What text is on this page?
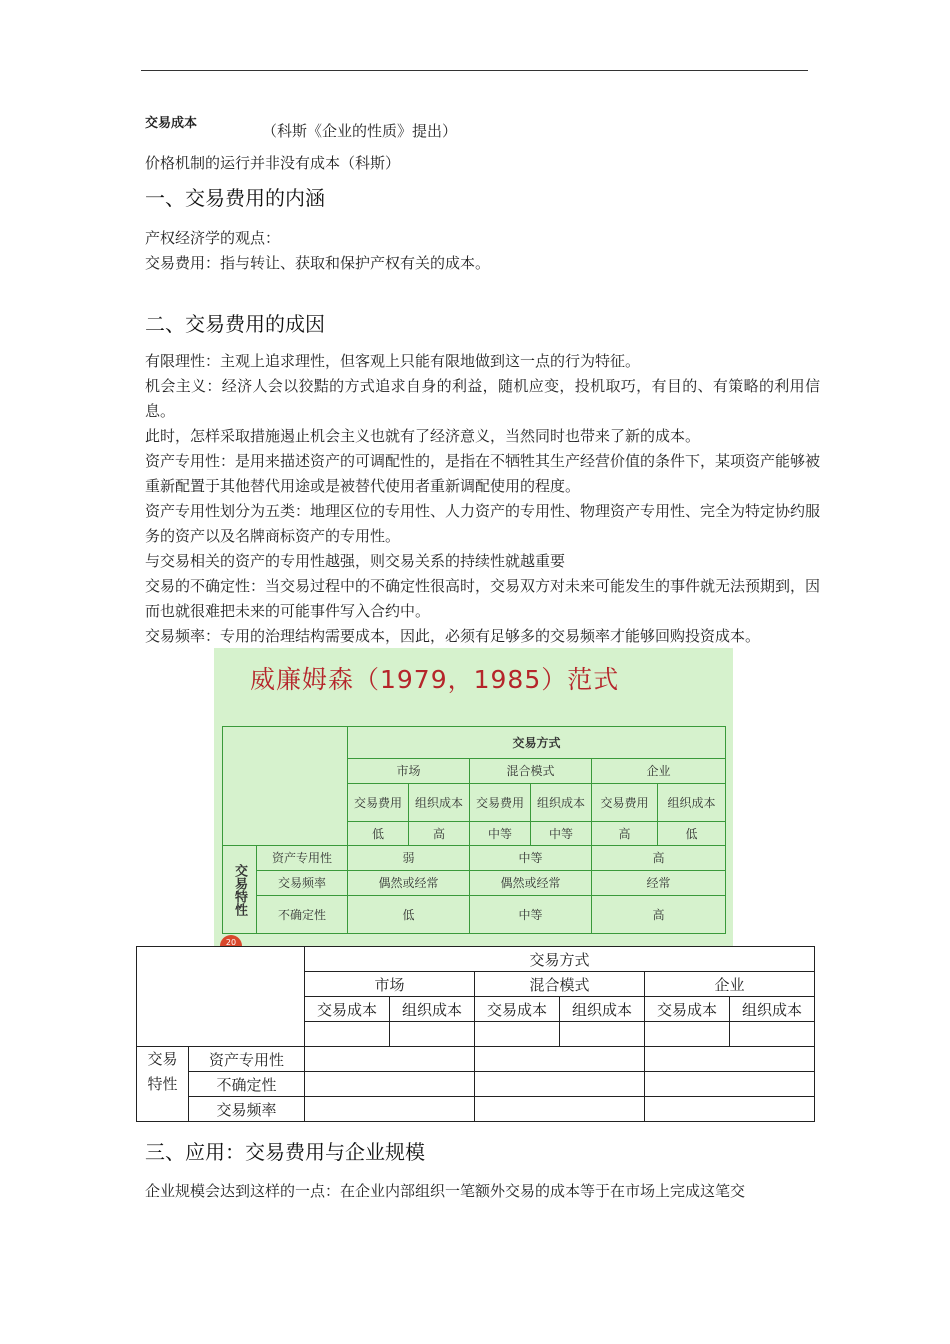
交易成本	（科斯《企业的性质》提出）
价格机制的运行并非没有成本（科斯）
一、交易费用的内涵
产权经济学的观点：
交易费用：指与转让、获取和保护产权有关的成本。
二、交易费用的成因
有限理性：主观上追求理性，但客观上只能有限地做到这一点的行为特征。
机会主义：经济人会以狡黠的方式追求自身的利益，随机应变，投机取巧，有目的、有策略的利用信息。
此时，怎样采取措施遏止机会主义也就有了经济意义，当然同时也带来了新的成本。
资产专用性：是用来描述资产的可调配性的，是指在不牺牲其生产经营价值的条件下，某项资产能够被重新配置于其他替代用途或是被替代使用者重新调配使用的程度。
资产专用性划分为五类：地理区位的专用性、人力资产的专用性、物理资产专用性、完全为特定协约服务的资产以及名牌商标资产的专用性。
与交易相关的资产的专用性越强，则交易关系的持续性就越重要
交易的不确定性：当交易过程中的不确定性很高时，交易双方对未来可能发生的事件就无法预期到，因而也就很难把未来的可能事件写入合约中。
交易频率：专用的治理结构需要成本，因此，必须有足够多的交易频率才能够回购投资成本。
威廉姆森（1979，1985）范式
		交易方式					
		市场		混合模式		企业	
		交易费用	组织成本	交易费用	组织成本	交易费用	组织成本
		低	高	中等	中等	高	低
交易特性	资产专用性	弱		中等		高	
	交易频率	偶然或经常		偶然或经常		经常	
	不确定性	低		中等		高	
20
		交易方式					
		市场		混合模式		企业	
		交易成本	组织成本	交易成本	组织成本	交易成本	组织成本

交易
特性	资产专用性						
	不确定性						
	交易频率						
三、应用：交易费用与企业规模
企业规模会达到这样的一点：在企业内部组织一笔额外交易的成本等于在市场上完成这笔交
